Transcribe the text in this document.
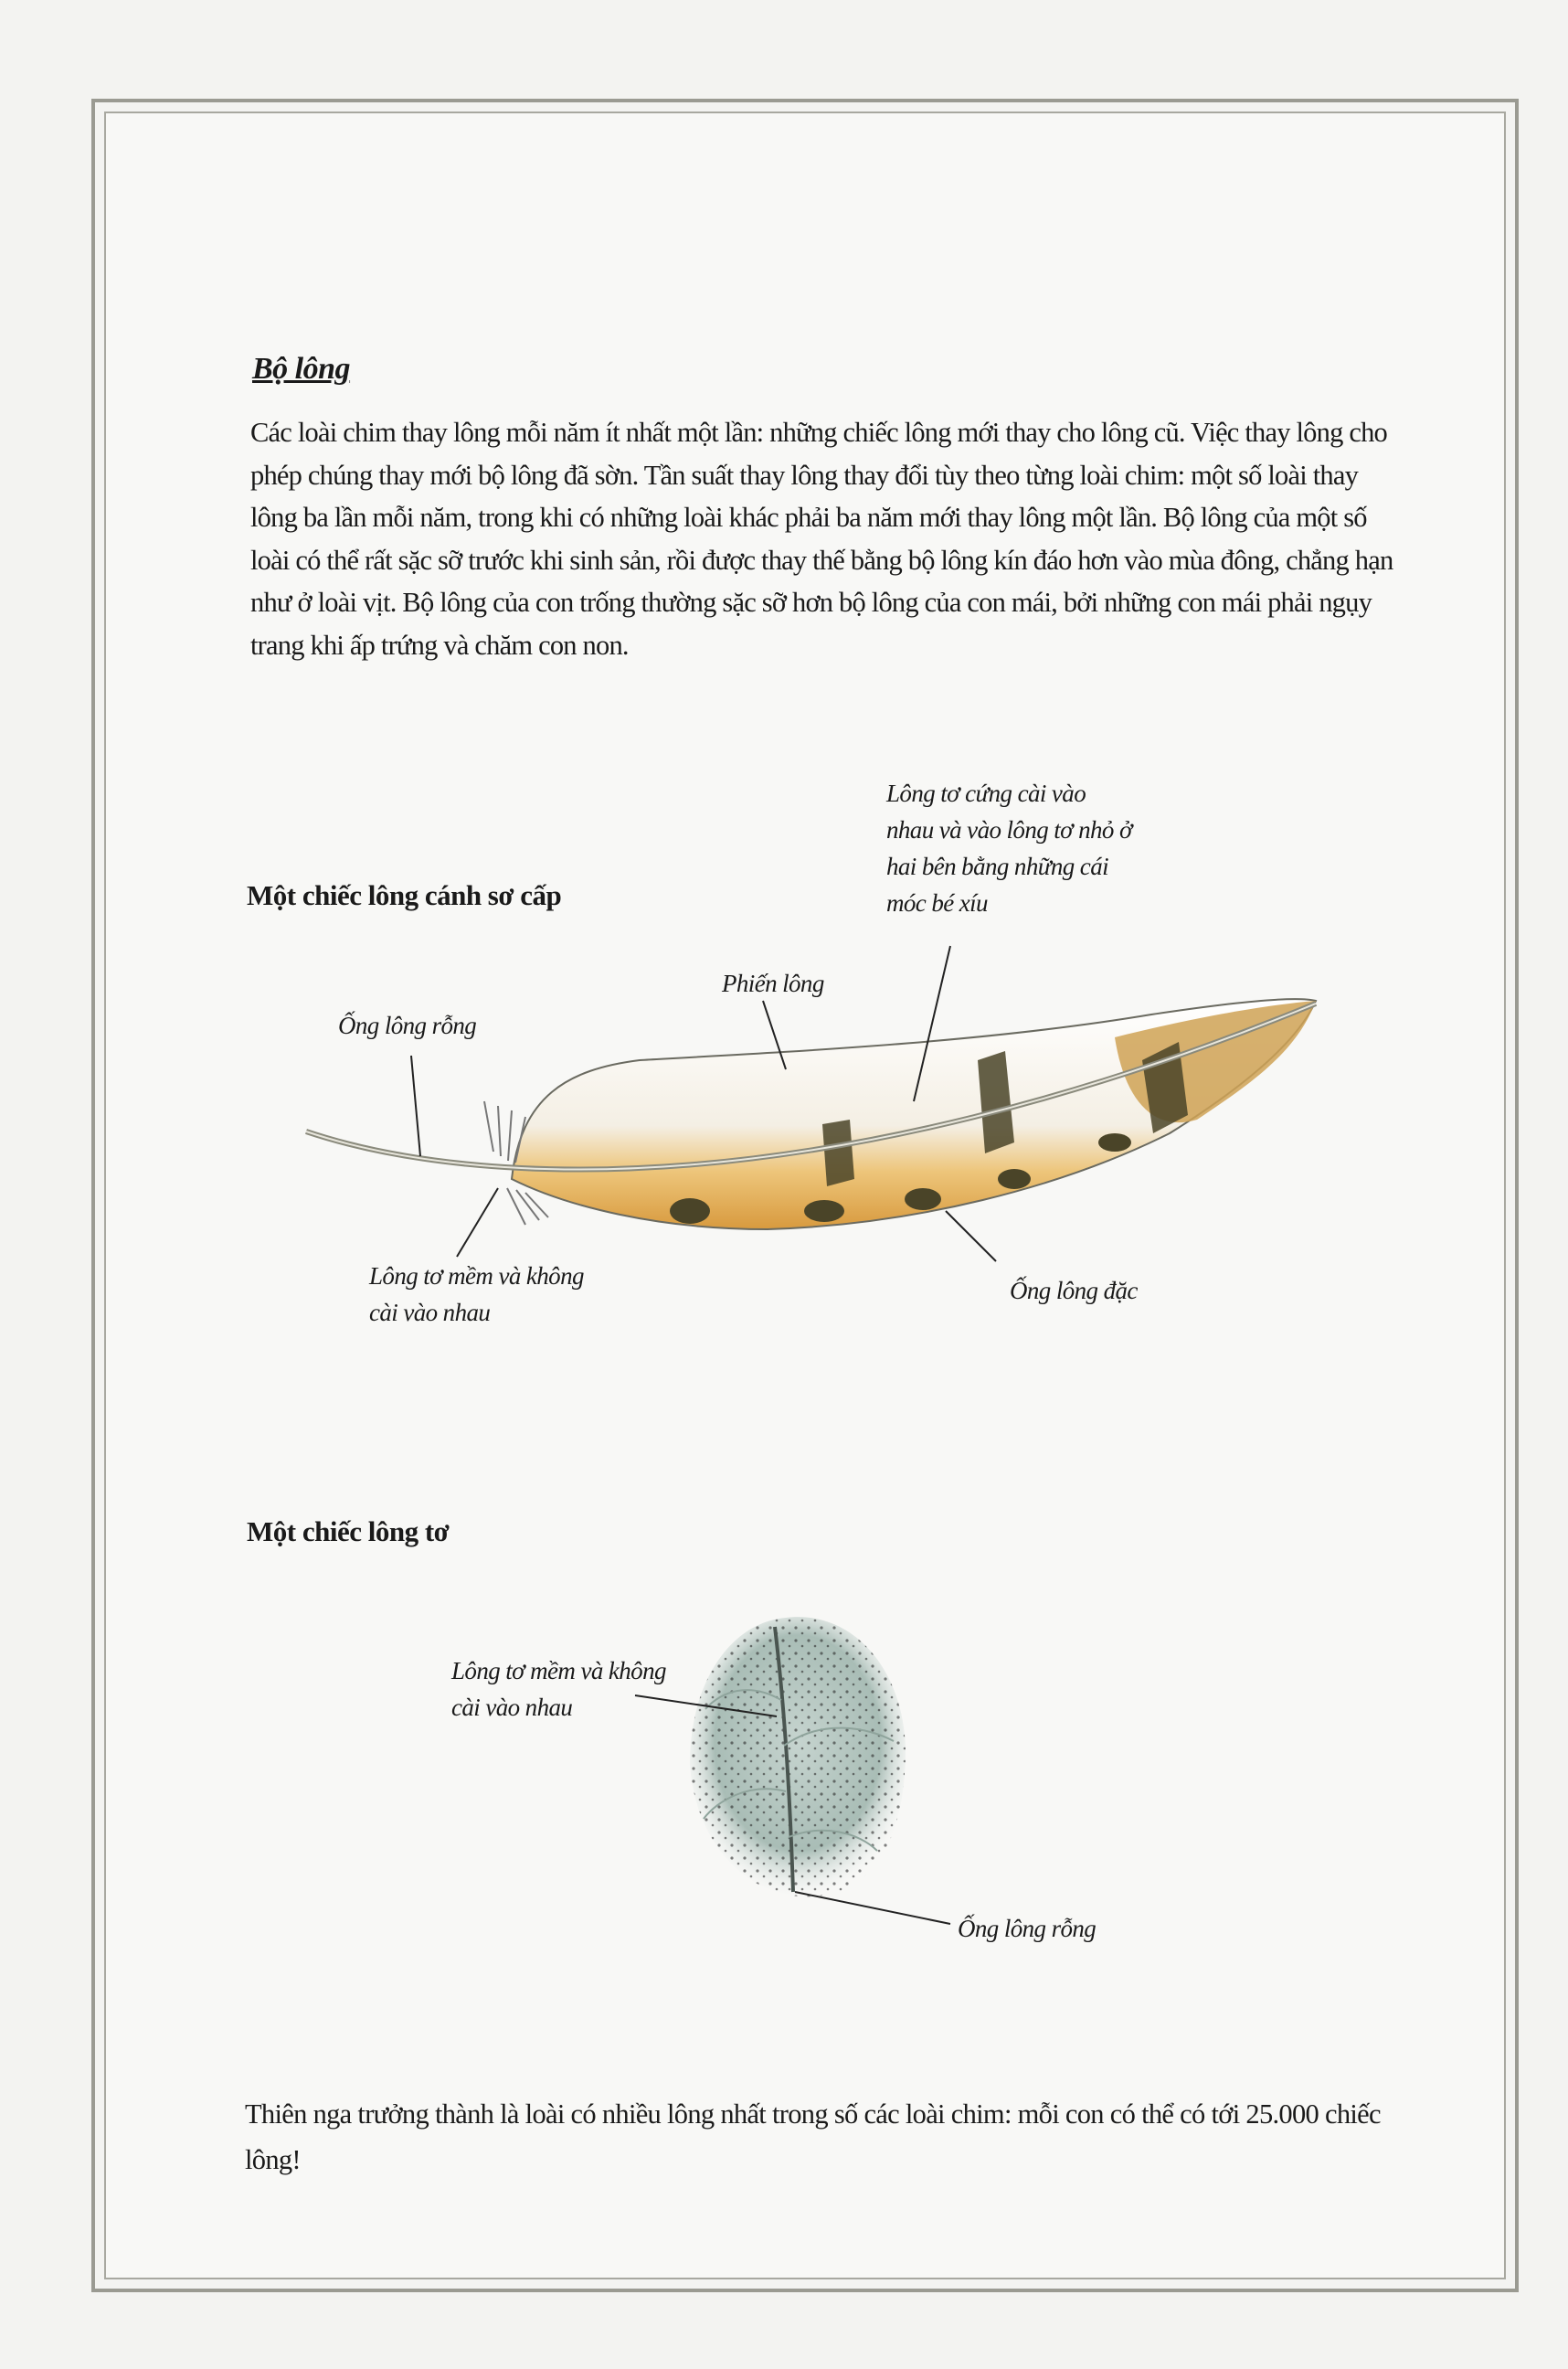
Bộ lông

Các loài chim thay lông mỗi năm ít nhất một lần: những chiếc lông mới thay cho lông cũ. Việc thay lông cho phép chúng thay mới bộ lông đã sờn. Tần suất thay lông thay đổi tùy theo từng loài chim: một số loài thay lông ba lần mỗi năm, trong khi có những loài khác phải ba năm mới thay lông một lần. Bộ lông của một số loài có thể rất sặc sỡ trước khi sinh sản, rồi được thay thế bằng bộ lông kín đáo hơn vào mùa đông, chẳng hạn như ở loài vịt. Bộ lông của con trống thường sặc sỡ hơn bộ lông của con mái, bởi những con mái phải ngụy trang khi ấp trứng và chăm con non.

Một chiếc lông cánh sơ cấp
Ống lông rỗng
Phiến lông
Lông tơ cứng cài vào nhau và vào lông tơ nhỏ ở hai bên bằng những cái móc bé xíu
Lông tơ mềm và không cài vào nhau
Ống lông đặc
Một chiếc lông tơ
Lông tơ mềm và không cài vào nhau
Ống lông rỗng

Thiên nga trưởng thành là loài có nhiều lông nhất trong số các loài chim: mỗi con có thể có tới 25.000 chiếc lông!
